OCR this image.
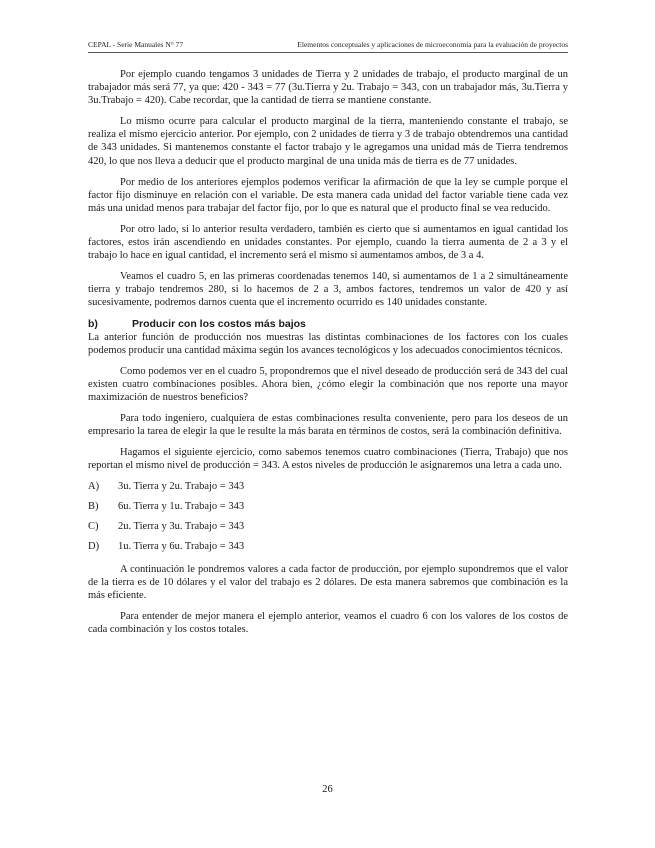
CEPAL - Serie Manuales N° 77	Elementos conceptuales y aplicaciones de microeconomía para la evaluación de proyectos

Por ejemplo cuando tengamos 3 unidades de Tierra y 2 unidades de trabajo, el producto marginal de un trabajador más será 77, ya que: 420 - 343 = 77 (3u.Tierra y 2u. Trabajo = 343, con un trabajador más, 3u.Tierra y 3u.Trabajo = 420). Cabe recordar, que la cantidad de tierra se mantiene constante.

Lo mismo ocurre para calcular el producto marginal de la tierra, manteniendo constante el trabajo, se realiza el mismo ejercicio anterior. Por ejemplo, con 2 unidades de tierra y 3 de trabajo obtendremos una cantidad de 343 unidades. Si mantenemos constante el factor trabajo y le agregamos una unidad más de Tierra tendremos 420, lo que nos lleva a deducir que el producto marginal de una unida más de tierra es de 77 unidades.

Por medio de los anteriores ejemplos podemos verificar la afirmación de que la ley se cumple porque el factor fijo disminuye en relación con el variable. De esta manera cada unidad del factor variable tiene cada vez más una unidad menos para trabajar del factor fijo, por lo que es natural que el producto final se vea reducido.

Por otro lado, si lo anterior resulta verdadero, también es cierto que si aumentamos en igual cantidad los factores, estos irán ascendiendo en unidades constantes. Por ejemplo, cuando la tierra aumenta de 2 a 3 y el trabajo lo hace en igual cantidad, el incremento será el mismo si aumentamos ambos, de 3 a 4.

Veamos el cuadro 5, en las primeras coordenadas tenemos 140, si aumentamos de 1 a 2 simultáneamente tierra y trabajo tendremos 280, si lo hacemos de 2 a 3, ambos factores, tendremos un valor de 420 y así sucesivamente, podremos darnos cuenta que el incremento ocurrido es 140 unidades constante.

b)	Producir con los costos más bajos

La anterior función de producción nos muestras las distintas combinaciones de los factores con los cuales podemos producir una cantidad máxima según los avances tecnológicos y los adecuados conocimientos técnicos.

Como podemos ver en el cuadro 5, propondremos que el nivel deseado de producción será de 343 del cual existen cuatro combinaciones posibles. Ahora bien, ¿cómo elegir la combinación que nos reporte una mayor maximización de nuestros beneficios?

Para todo ingeniero, cualquiera de estas combinaciones resulta conveniente, pero para los deseos de un empresario la tarea de elegir la que le resulte la más barata en términos de costos, será la combinación definitiva.

Hagamos el siguiente ejercicio, como sabemos tenemos cuatro combinaciones (Tierra, Trabajo) que nos reportan el mismo nivel de producción = 343. A estos niveles de producción le asignaremos una letra a cada uno.

A)	3u. Tierra y 2u. Trabajo = 343
B)	6u. Tierra y 1u. Trabajo = 343
C)	2u. Tierra y 3u. Trabajo = 343
D)	1u. Tierra y 6u. Trabajo = 343

A continuación le pondremos valores a cada factor de producción, por ejemplo supondremos que el valor de la tierra es de 10 dólares y el valor del trabajo es 2 dólares. De esta manera sabremos que combinación es la más eficiente.

Para entender de mejor manera el ejemplo anterior, veamos el cuadro 6 con los valores de los costos de cada combinación y los costos totales.

26
